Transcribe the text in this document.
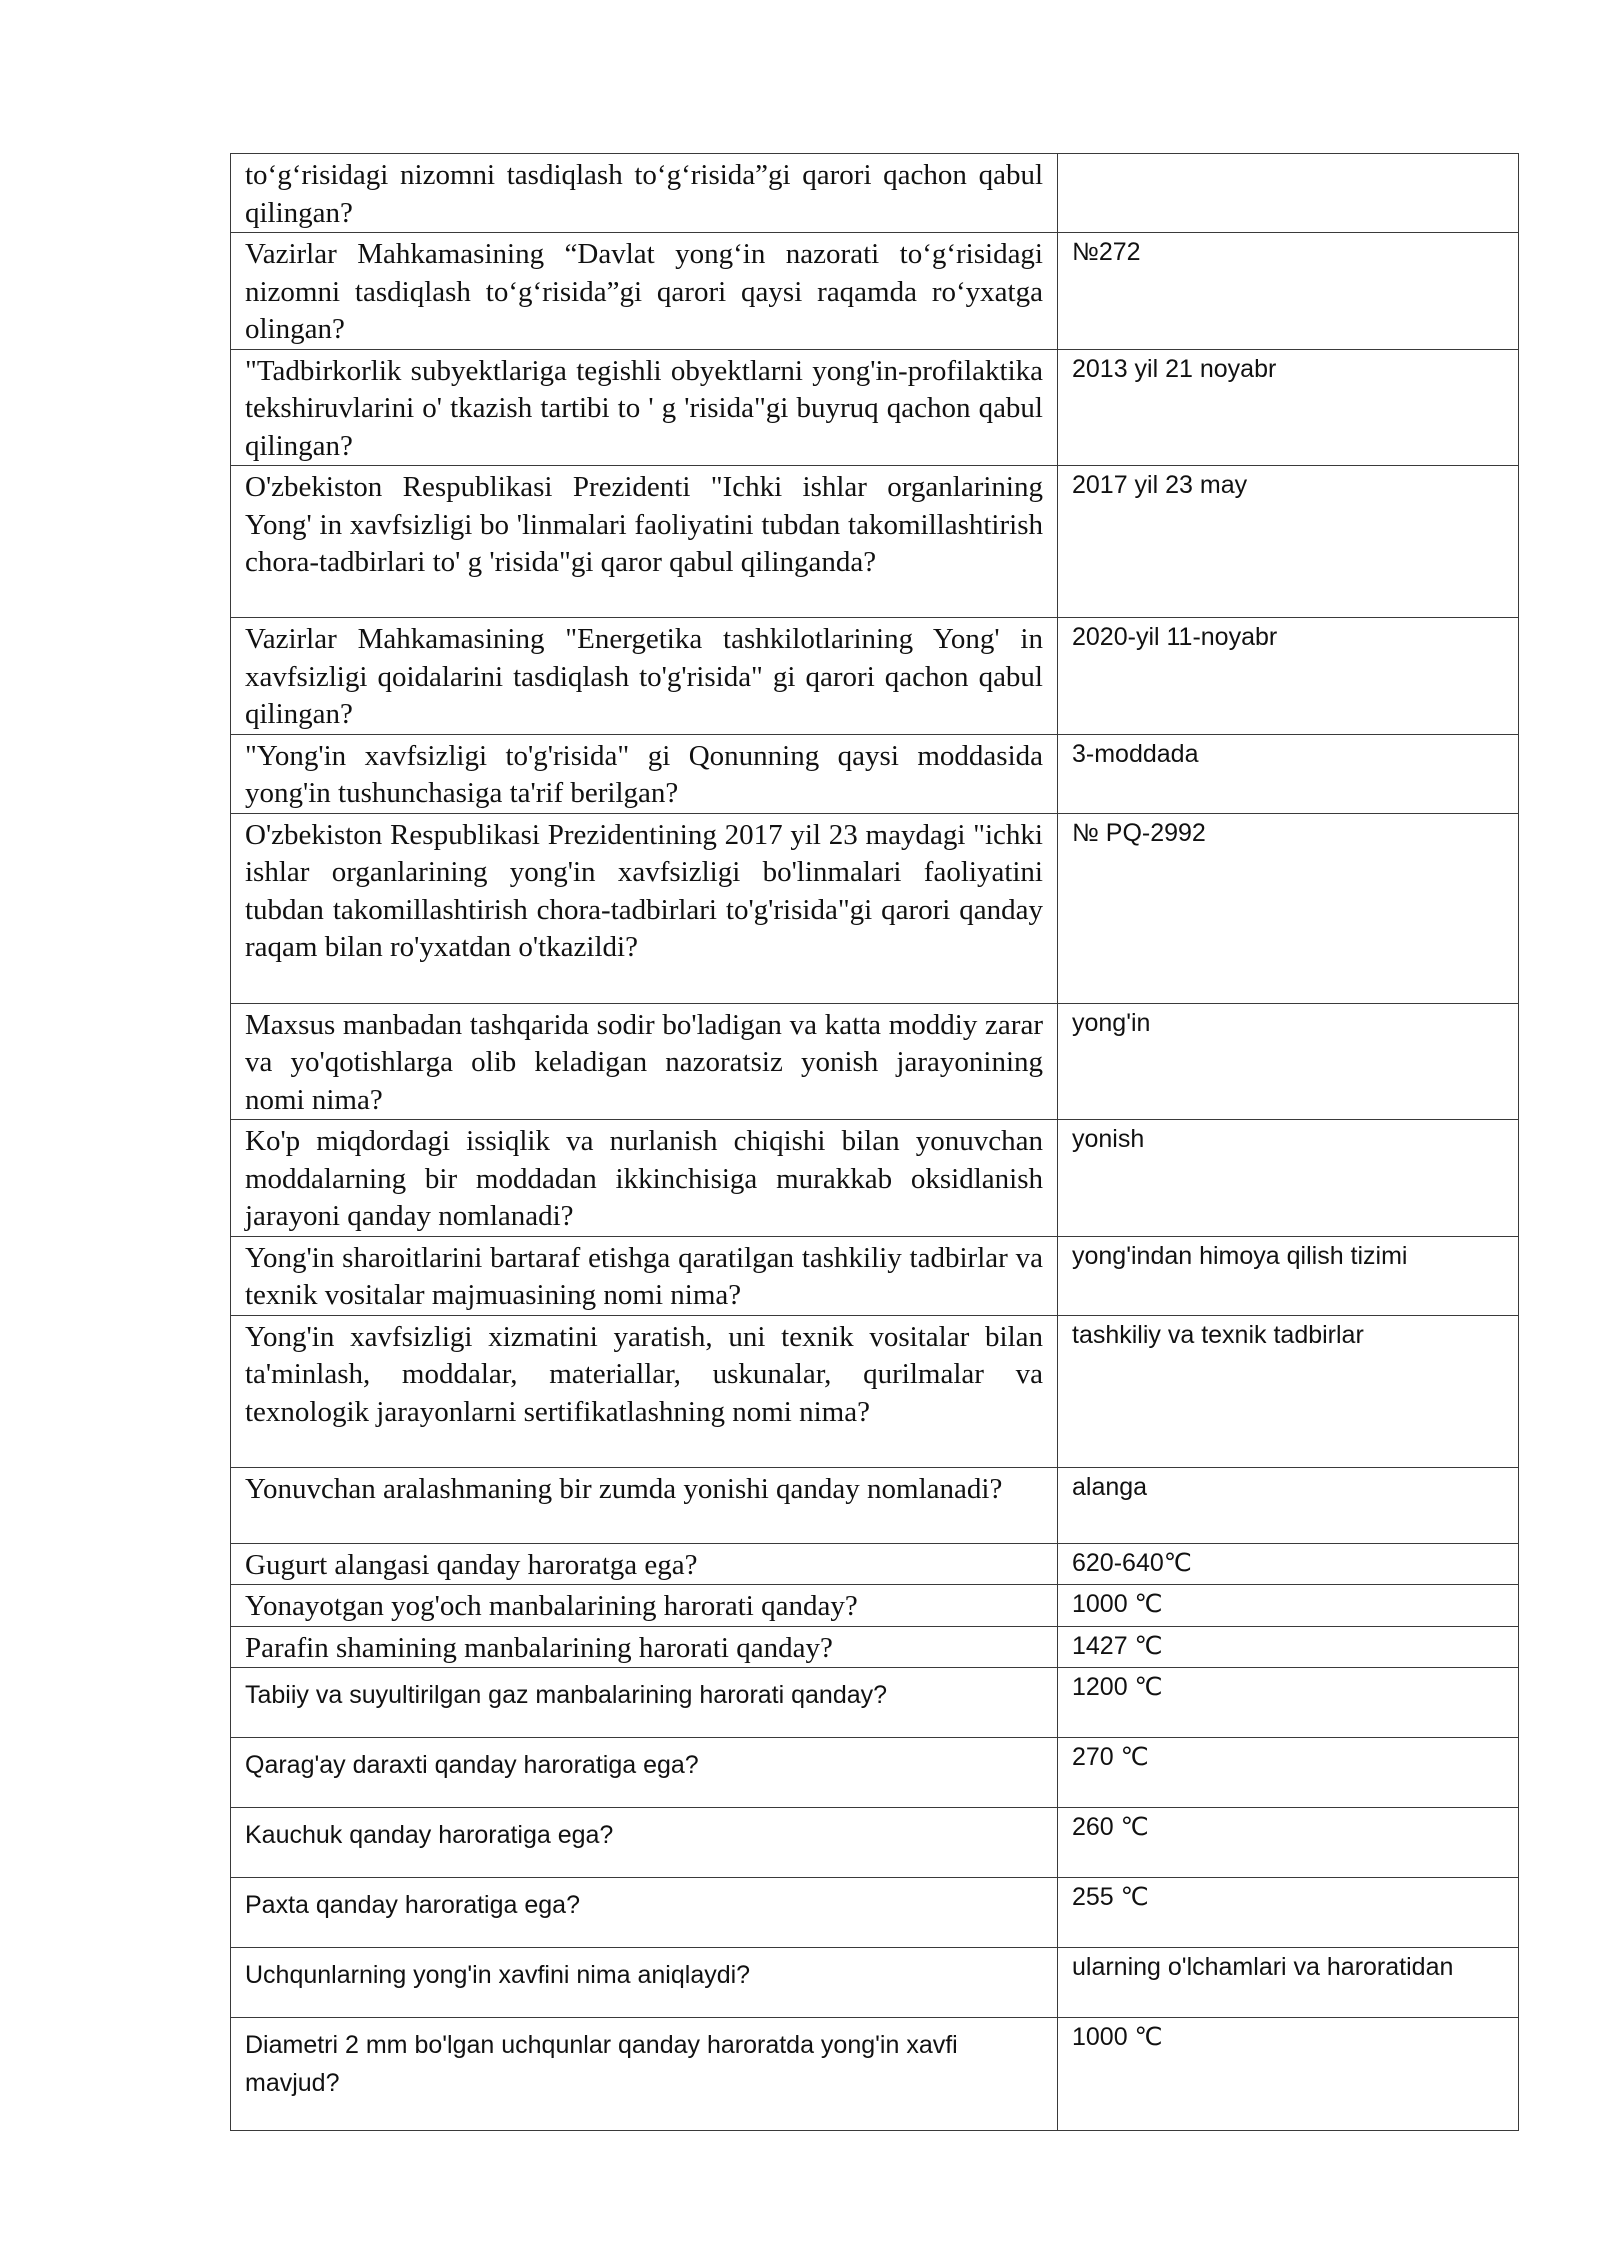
to‘g‘risidagi nizomni tasdiqlash to‘g‘risida”gi qarori qachon qabul qilingan?	
Vazirlar Mahkamasining “Davlat yong‘in nazorati to‘g‘risidagi nizomni tasdiqlash to‘g‘risida”gi qarori qaysi raqamda ro‘yxatga olingan?	№272
"Tadbirkorlik subyektlariga tegishli obyektlarni yong'in-profilaktika tekshiruvlarini o' tkazish tartibi to ' g 'risida"gi buyruq qachon qabul qilingan?	2013 yil 21 noyabr
O'zbekiston Respublikasi Prezidenti "Ichki ishlar organlarining Yong' in xavfsizligi bo 'linmalari faoliyatini tubdan takomillashtirish chora-tadbirlari to' g 'risida"gi qaror qabul qilinganda?	2017 yil 23 may
Vazirlar Mahkamasining "Energetika tashkilotlarining Yong' in xavfsizligi qoidalarini tasdiqlash to'g'risida" gi qarori qachon qabul qilingan?	2020-yil 11-noyabr
"Yong'in xavfsizligi to'g'risida" gi Qonunning qaysi moddasida yong'in tushunchasiga ta'rif berilgan?	3-moddada
O'zbekiston Respublikasi Prezidentining 2017 yil 23 maydagi "ichki ishlar organlarining yong'in xavfsizligi bo'linmalari faoliyatini tubdan takomillashtirish chora-tadbirlari to'g'risida"gi qarori qanday raqam bilan ro'yxatdan o'tkazildi?	№ PQ-2992
Maxsus manbadan tashqarida sodir bo'ladigan va katta moddiy zarar va yo'qotishlarga olib keladigan nazoratsiz yonish jarayonining nomi nima?	yong'in
Ko'p miqdordagi issiqlik va nurlanish chiqishi bilan yonuvchan moddalarning bir moddadan ikkinchisiga murakkab oksidlanish jarayoni qanday nomlanadi?	yonish
Yong'in sharoitlarini bartaraf etishga qaratilgan tashkiliy tadbirlar va texnik vositalar majmuasining nomi nima?	yong'indan himoya qilish tizimi
Yong'in xavfsizligi xizmatini yaratish, uni texnik vositalar bilan ta'minlash, moddalar, materiallar, uskunalar, qurilmalar va texnologik jarayonlarni sertifikatlashning nomi nima?	tashkiliy va texnik tadbirlar
Yonuvchan aralashmaning bir zumda yonishi qanday nomlanadi?	alanga
Gugurt alangasi qanday haroratga ega?	620-640℃
Yonayotgan yog'och manbalarining harorati qanday?	1000 ℃
Parafin shamining manbalarining harorati qanday?	1427 ℃
Tabiiy va suyultirilgan gaz manbalarining harorati qanday?	1200 ℃
Qarag'ay daraxti qanday haroratiga ega?	270 ℃
Kauchuk qanday haroratiga ega?	260 ℃
Paxta qanday haroratiga ega?	255 ℃
Uchqunlarning yong'in xavfini nima aniqlaydi?	ularning o'lchamlari va haroratidan
Diametri 2 mm bo'lgan uchqunlar qanday haroratda yong'in xavfi mavjud?	1000 ℃
